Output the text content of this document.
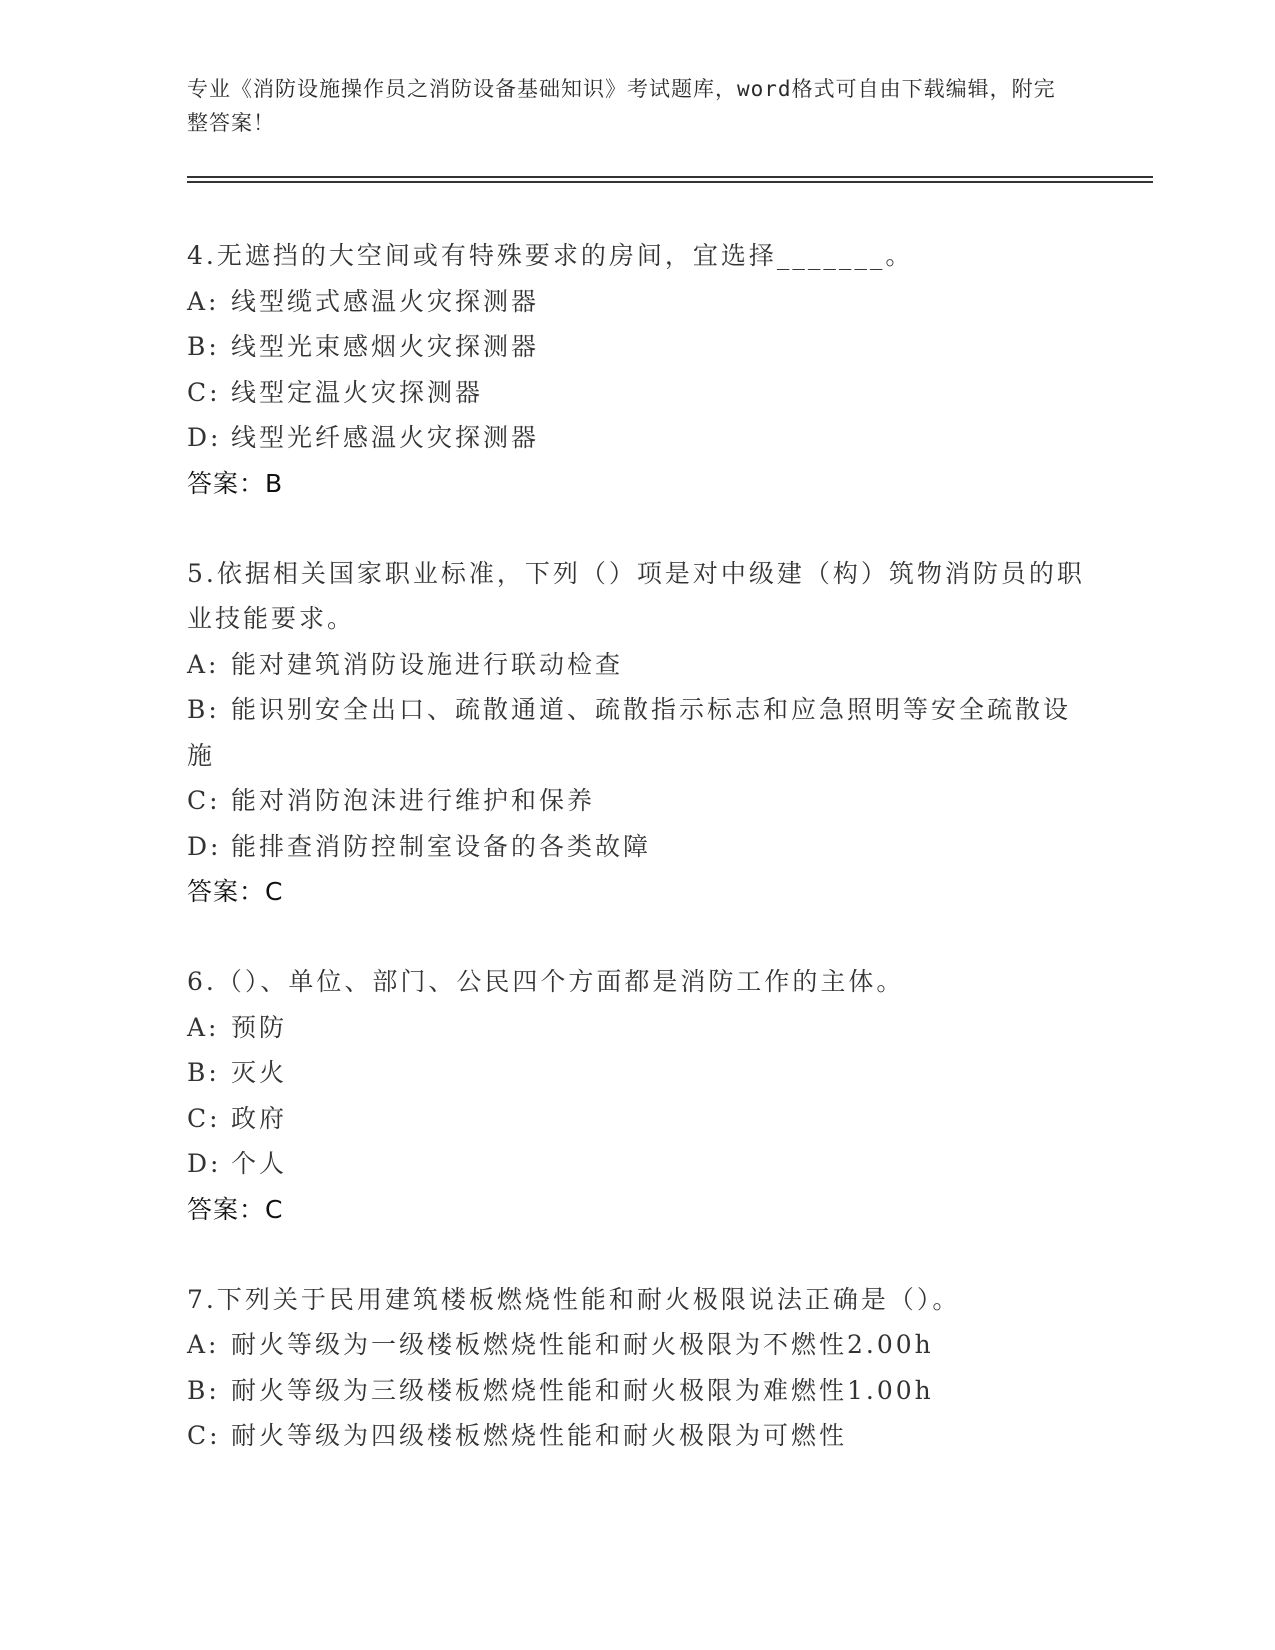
专业《消防设施操作员之消防设备基础知识》考试题库，word格式可自由下载编辑，附完整答案！
4.无遮挡的大空间或有特殊要求的房间，宜选择_______。
A: 线型缆式感温火灾探测器
B: 线型光束感烟火灾探测器
C: 线型定温火灾探测器
D: 线型光纤感温火灾探测器
答案：B
5.依据相关国家职业标准，下列（）项是对中级建（构）筑物消防员的职业技能要求。
A: 能对建筑消防设施进行联动检查
B: 能识别安全出口、疏散通道、疏散指示标志和应急照明等安全疏散设施
C: 能对消防泡沫进行维护和保养
D: 能排查消防控制室设备的各类故障
答案：C
6.（）、单位、部门、公民四个方面都是消防工作的主体。
A: 预防
B: 灭火
C: 政府
D: 个人
答案：C
7.下列关于民用建筑楼板燃烧性能和耐火极限说法正确是（）。
A: 耐火等级为一级楼板燃烧性能和耐火极限为不燃性2.00h
B: 耐火等级为三级楼板燃烧性能和耐火极限为难燃性1.00h
C: 耐火等级为四级楼板燃烧性能和耐火极限为可燃性
